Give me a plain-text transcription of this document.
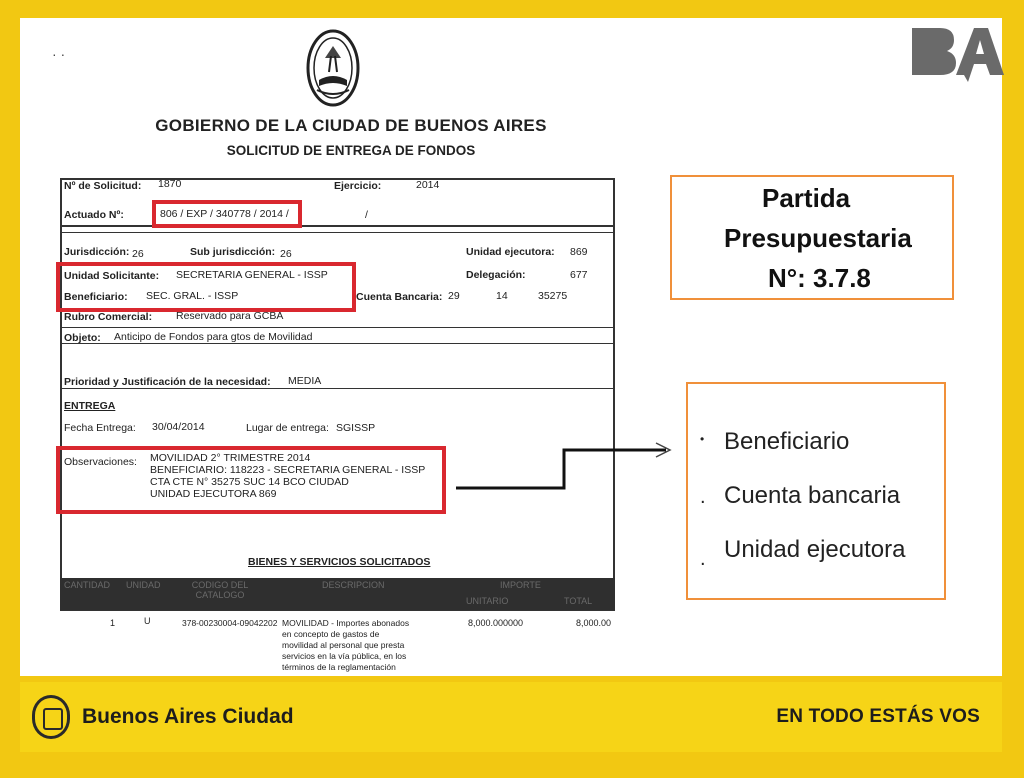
· ·
GOBIERNO DE LA CIUDAD DE BUENOS AIRES
SOLICITUD DE ENTREGA DE FONDOS
Nº de Solicitud: 1870	Ejercicio:	2014
Actuado Nº:	806 / EXP / 340778 / 2014 /	/
Jurisdicción: 26	Sub jurisdicción: 26	Unidad ejecutora: 869
Unidad Solicitante: SECRETARIA GENERAL - ISSP	Delegación:	677
Beneficiario: SEC. GRAL. - ISSP	Cuenta Bancaria: 29	14	35275
Rubro Comercial: Reservado para GCBA
Objeto: Anticipo de Fondos para gtos de Movilidad
Prioridad y Justificación de la necesidad: MEDIA
ENTREGA
Fecha Entrega: 30/04/2014	Lugar de entrega: SGISSP
Observaciones: MOVILIDAD 2° TRIMESTRE 2014
BENEFICIARIO: 118223 - SECRETARIA GENERAL - ISSP
CTA CTE N° 35275 SUC 14 BCO CIUDAD
UNIDAD EJECUTORA 869
BIENES Y SERVICIOS SOLICITADOS
CANTIDAD UNIDAD	CODIGO DEL CATALOGO
DESCRIPCION	IMPORTE
UNITARIO	TOTAL
1	U	378-00230004-09042202 MOVILIDAD - Importes abonados
en concepto de gastos de
movilidad al personal que presta
servicios en la vía pública, en los
términos de la reglamentación
8,000.000000	8,000.00
Partida
Presupuestaria
N°: 3.7.8
• Beneficiario
. Cuenta bancaria
. Unidad ejecutora
Buenos Aires Ciudad	EN TODO ESTÁS VOS
